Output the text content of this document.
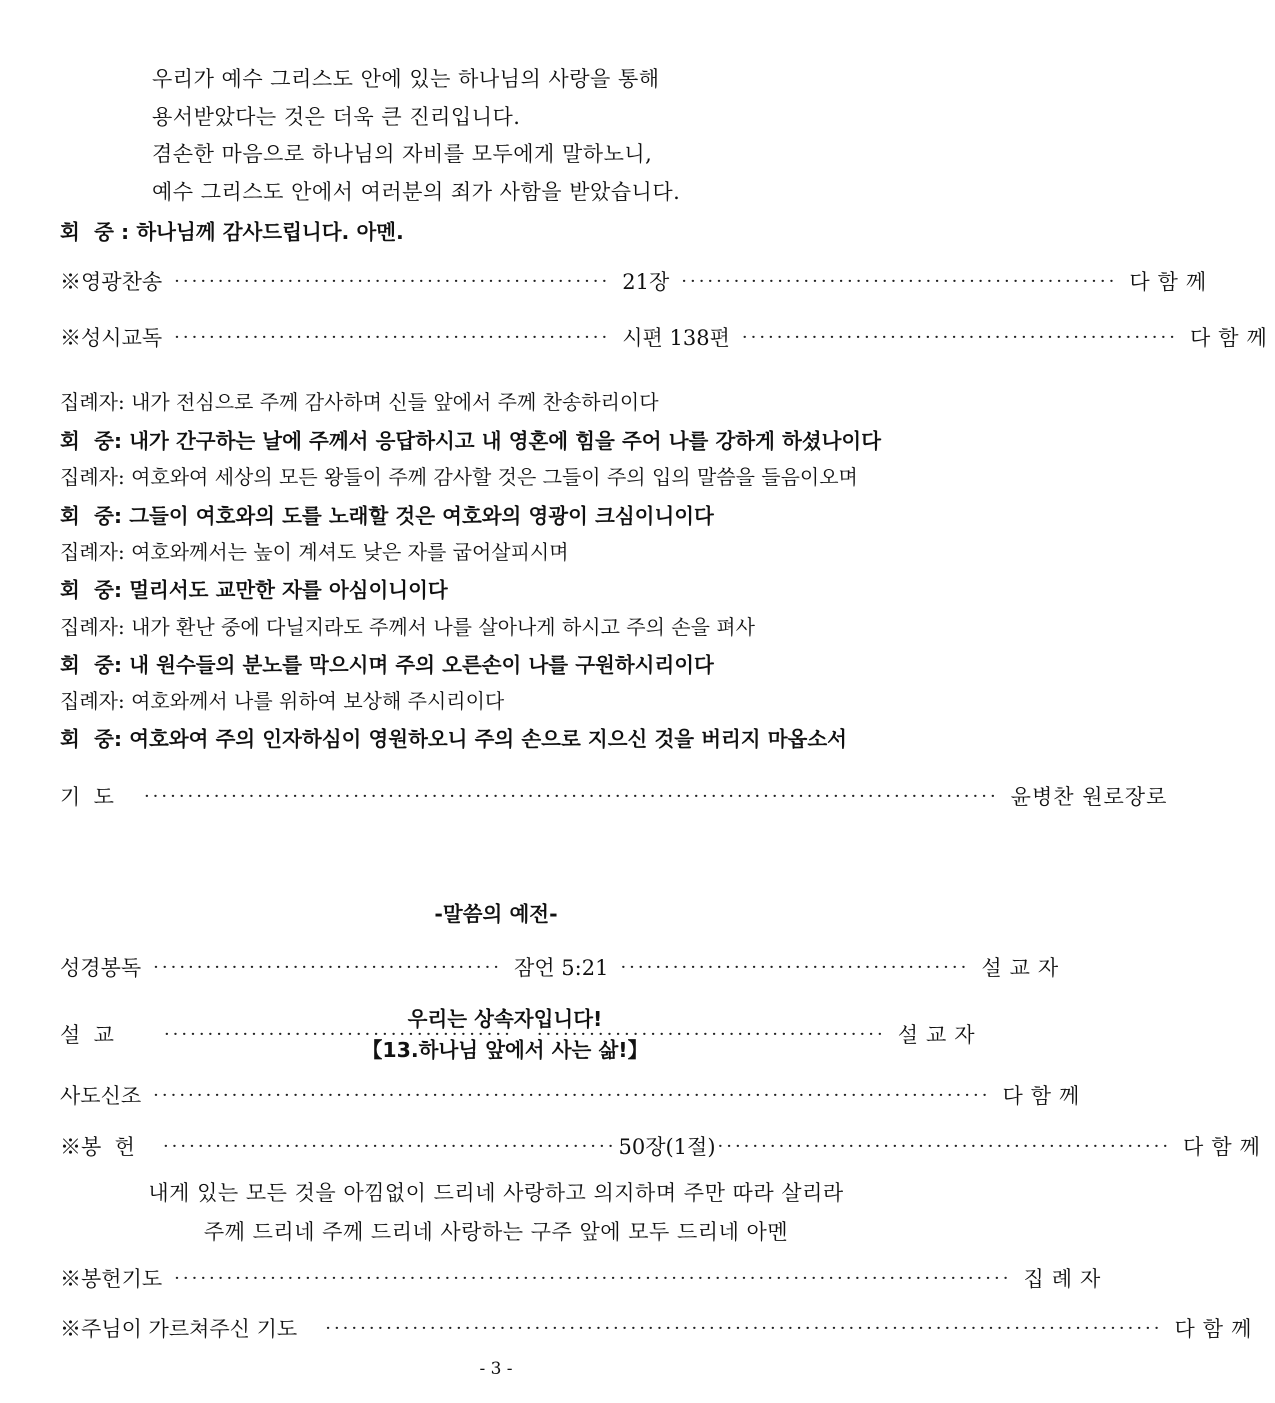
우리가 예수 그리스도 안에 있는 하나님의 사랑을 통해
용서받았다는 것은 더욱 큰 진리입니다.
겸손한 마음으로 하나님의 자비를 모두에게 말하노니,
예수 그리스도 안에서 여러분의 죄가 사함을 받았습니다.
회  중 : 하나님께 감사드립니다. 아멘.
※영광찬송 ·················································· 21장 ·················································· 다함께
※성시교독 ·················································· 시편 138편 ·················································· 다함께
집례자: 내가 전심으로 주께 감사하며 신들 앞에서 주께 찬송하리이다
회  중: 내가 간구하는 날에 주께서 응답하시고 내 영혼에 힘을 주어 나를 강하게 하셨나이다
집례자: 여호와여 세상의 모든 왕들이 주께 감사할 것은 그들이 주의 입의 말씀을 들음이오며
회  중: 그들이 여호와의 도를 노래할 것은 여호와의 영광이 크심이니이다
집례자: 여호와께서는 높이 계셔도 낮은 자를 굽어살피시며
회  중: 멀리서도 교만한 자를 아심이니이다
집례자: 내가 환난 중에 다닐지라도 주께서 나를 살아나게 하시고 주의 손을 펴사
회  중: 내 원수들의 분노를 막으시며 주의 오른손이 나를 구원하시리이다
집례자: 여호와께서 나를 위하여 보상해 주시리이다
회  중: 여호와여 주의 인자하심이 영원하오니 주의 손으로 지으신 것을 버리지 마옵소서
기  도 ·································································································· 윤병찬 원로장로
-말씀의 예전-
성경봉독 ········································ 잠언 5:21 ········································ 설교자
설  교	········································ ········································ 설교자
우리는 상속자입니다!
【13.하나님 앞에서 사는 삶!】
사도신조 ································································································ 다함께
※봉  헌 ···················································· 50장(1절) ···················································· 다함께
내게 있는 모든 것을 아낌없이 드리네 사랑하고 의지하며 주만 따라 살리라
주께 드리네 주께 드리네 사랑하는 구주 앞에 모두 드리네 아멘
※봉헌기도 ································································································ 집례자
※주님이 가르쳐주신 기도 ································································································ 다함께
- 3 -
